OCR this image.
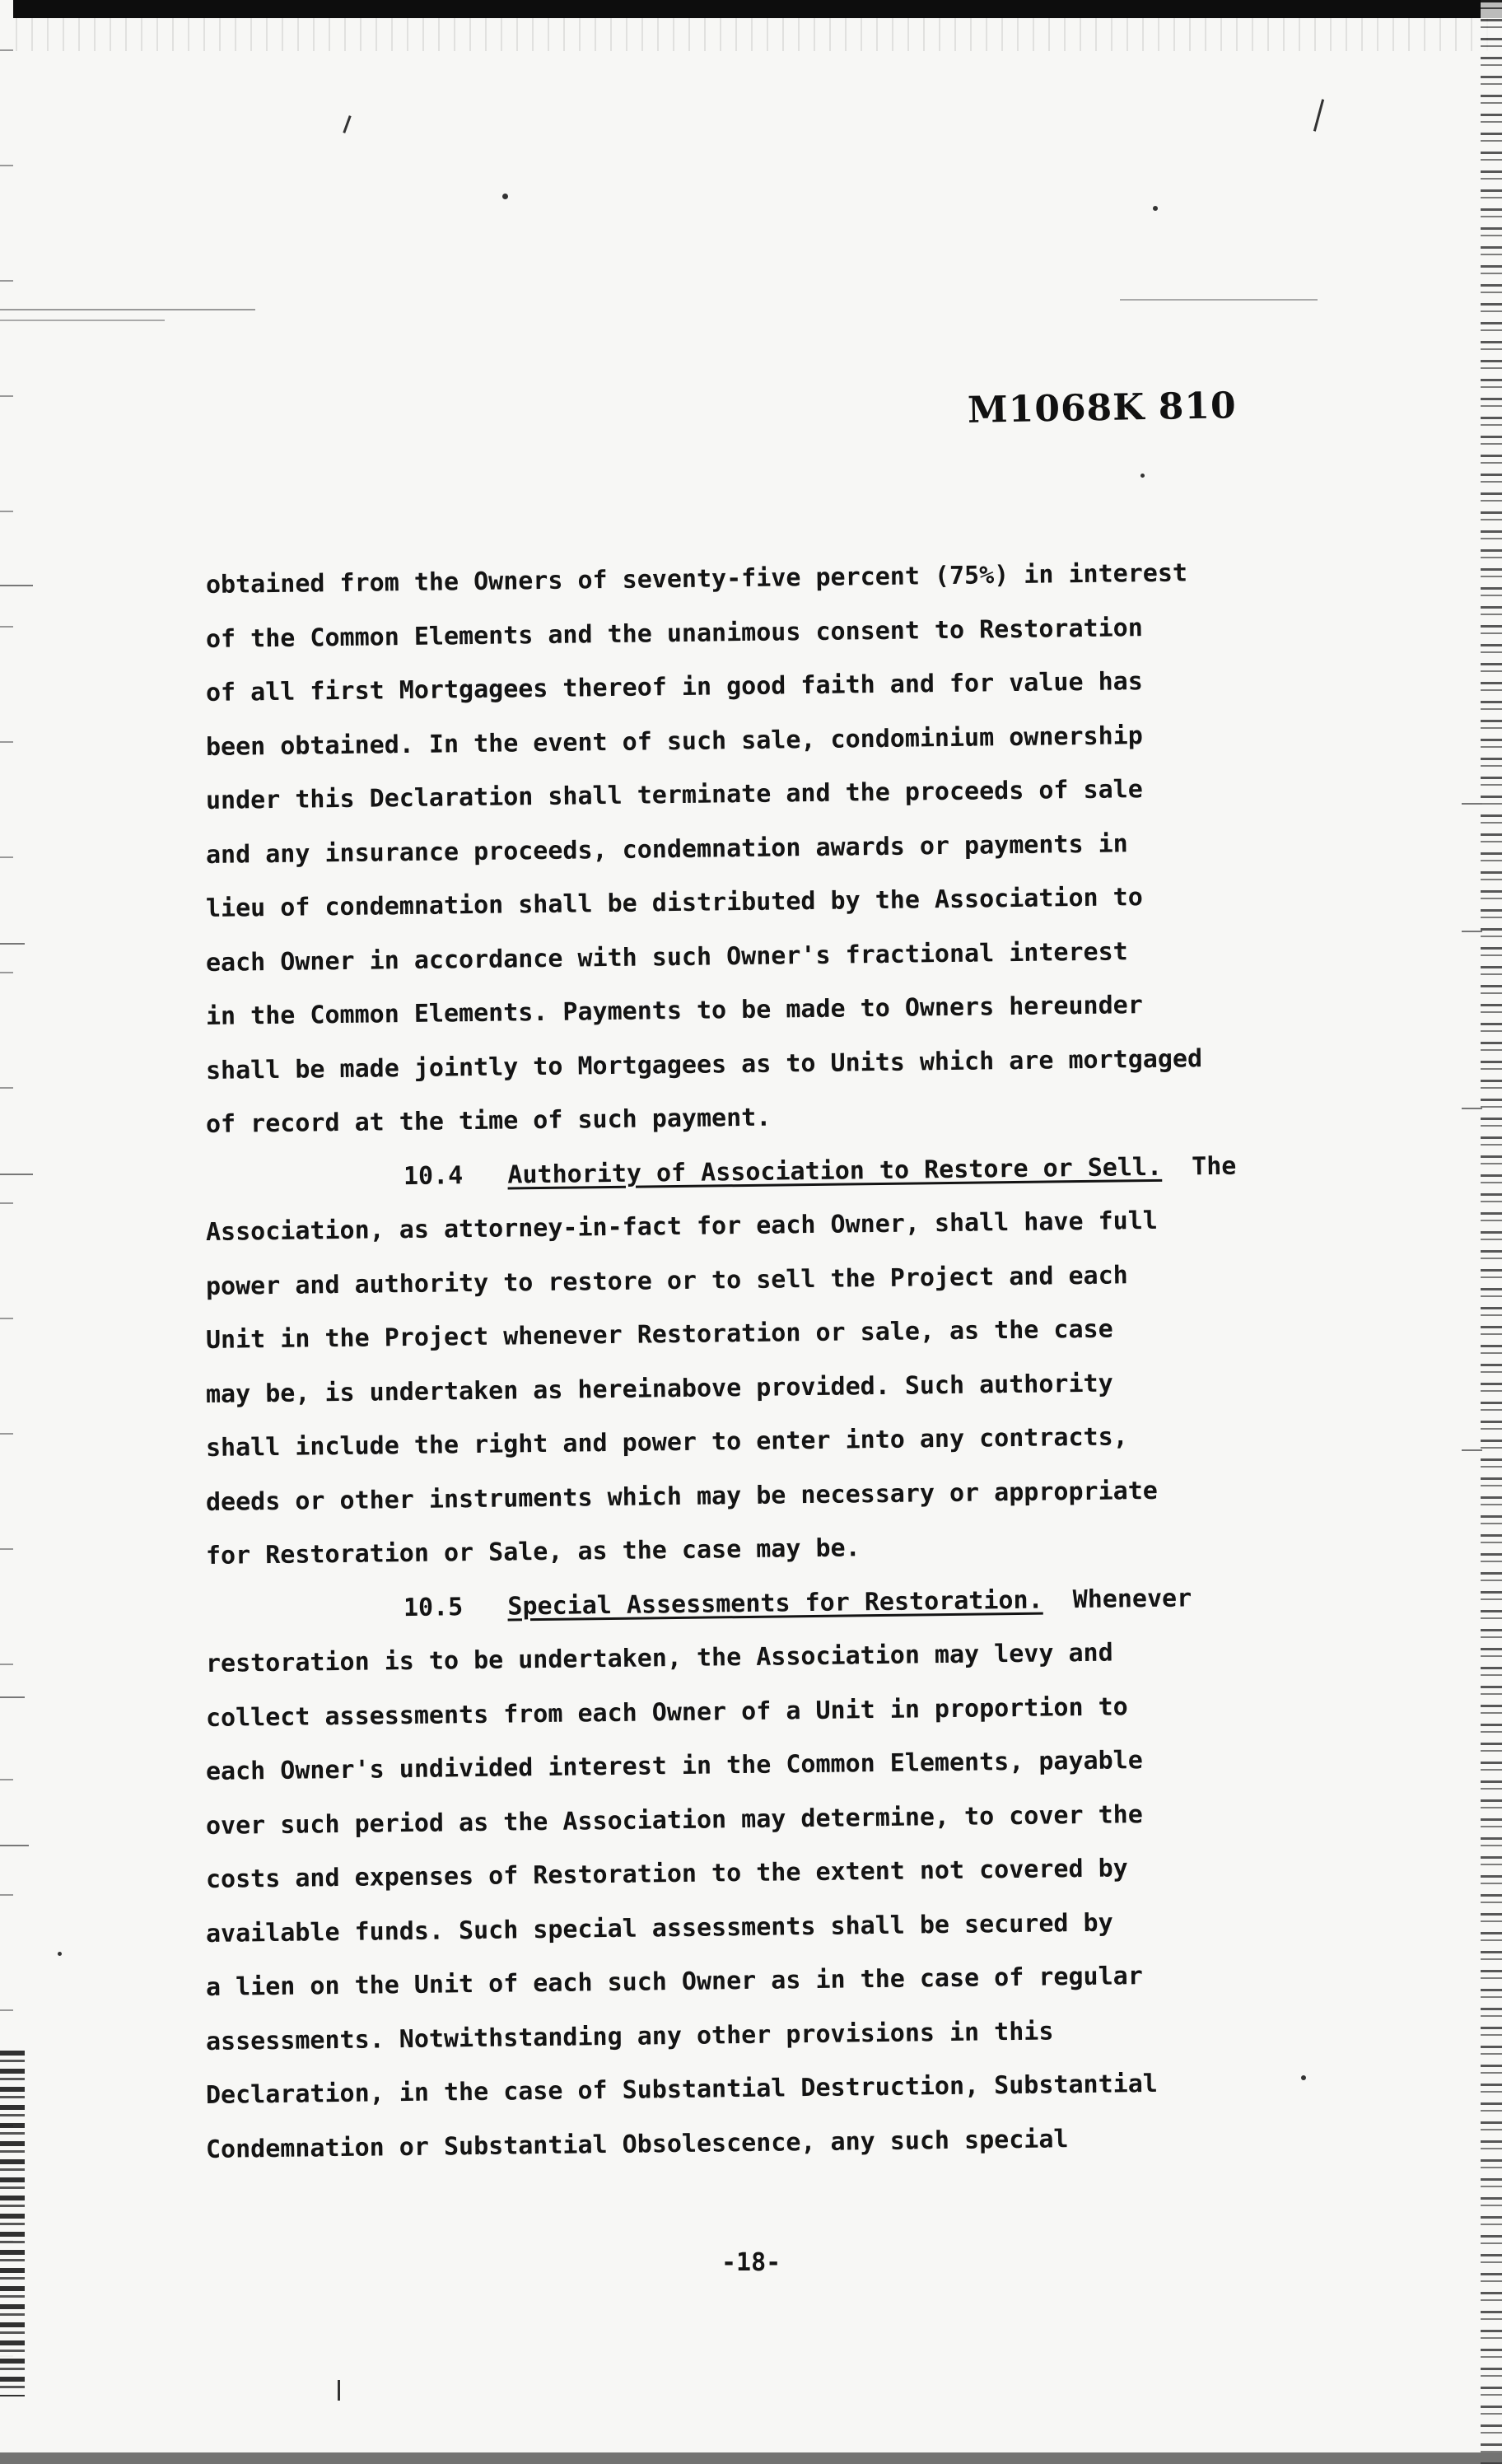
M1068K 810
obtained from the Owners of seventy-five percent (75%) in interest
of the Common Elements and the unanimous consent to Restoration
of all first Mortgagees thereof in good faith and for value has
been obtained. In the event of such sale, condominium ownership
under this Declaration shall terminate and the proceeds of sale
and any insurance proceeds, condemnation awards or payments in
lieu of condemnation shall be distributed by the Association to
each Owner in accordance with such Owner's fractional interest
in the Common Elements. Payments to be made to Owners hereunder
shall be made jointly to Mortgagees as to Units which are mortgaged
of record at the time of such payment.
10.4 Authority of Association to Restore or Sell. The
Association, as attorney-in-fact for each Owner, shall have full
power and authority to restore or to sell the Project and each
Unit in the Project whenever Restoration or sale, as the case
may be, is undertaken as hereinabove provided. Such authority
shall include the right and power to enter into any contracts,
deeds or other instruments which may be necessary or appropriate
for Restoration or Sale, as the case may be.
10.5 Special Assessments for Restoration. Whenever
restoration is to be undertaken, the Association may levy and
collect assessments from each Owner of a Unit in proportion to
each Owner's undivided interest in the Common Elements, payable
over such period as the Association may determine, to cover the
costs and expenses of Restoration to the extent not covered by
available funds. Such special assessments shall be secured by
a lien on the Unit of each such Owner as in the case of regular
assessments. Notwithstanding any other provisions in this
Declaration, in the case of Substantial Destruction, Substantial
Condemnation or Substantial Obsolescence, any such special
-18-
